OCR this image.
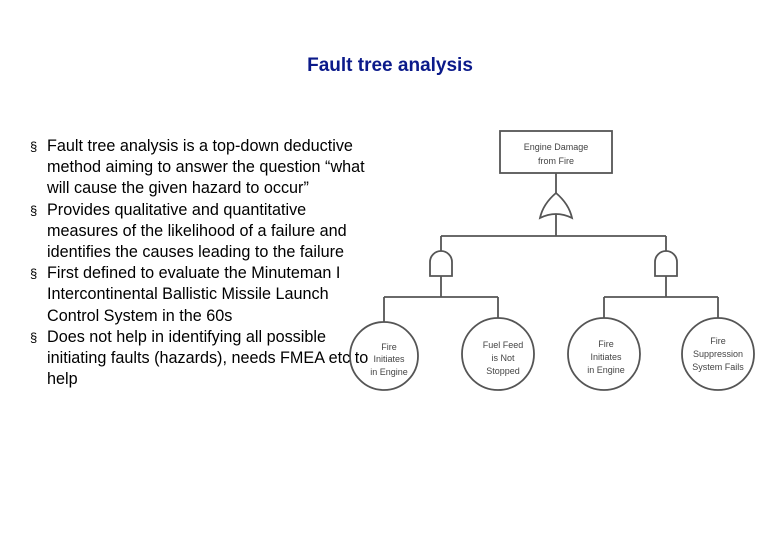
Fault tree analysis
Engine Damage
from Fire
Fire
Initiates
in Engine
Fuel Feed
is Not
Stopped
Fire
Initiates
in Engine
Fire
Suppression
System Fails
§ Fault tree analysis is a top-down deductive method aiming to answer the question “what will cause the given hazard to occur”
§ Provides qualitative and quantitative measures of the likelihood of a failure and identifies the causes leading to the failure
§ First defined to evaluate the Minuteman I Intercontinental Ballistic Missile Launch Control System in the 60s
§ Does not help in identifying all possible initiating faults (hazards), needs FMEA etc to help
